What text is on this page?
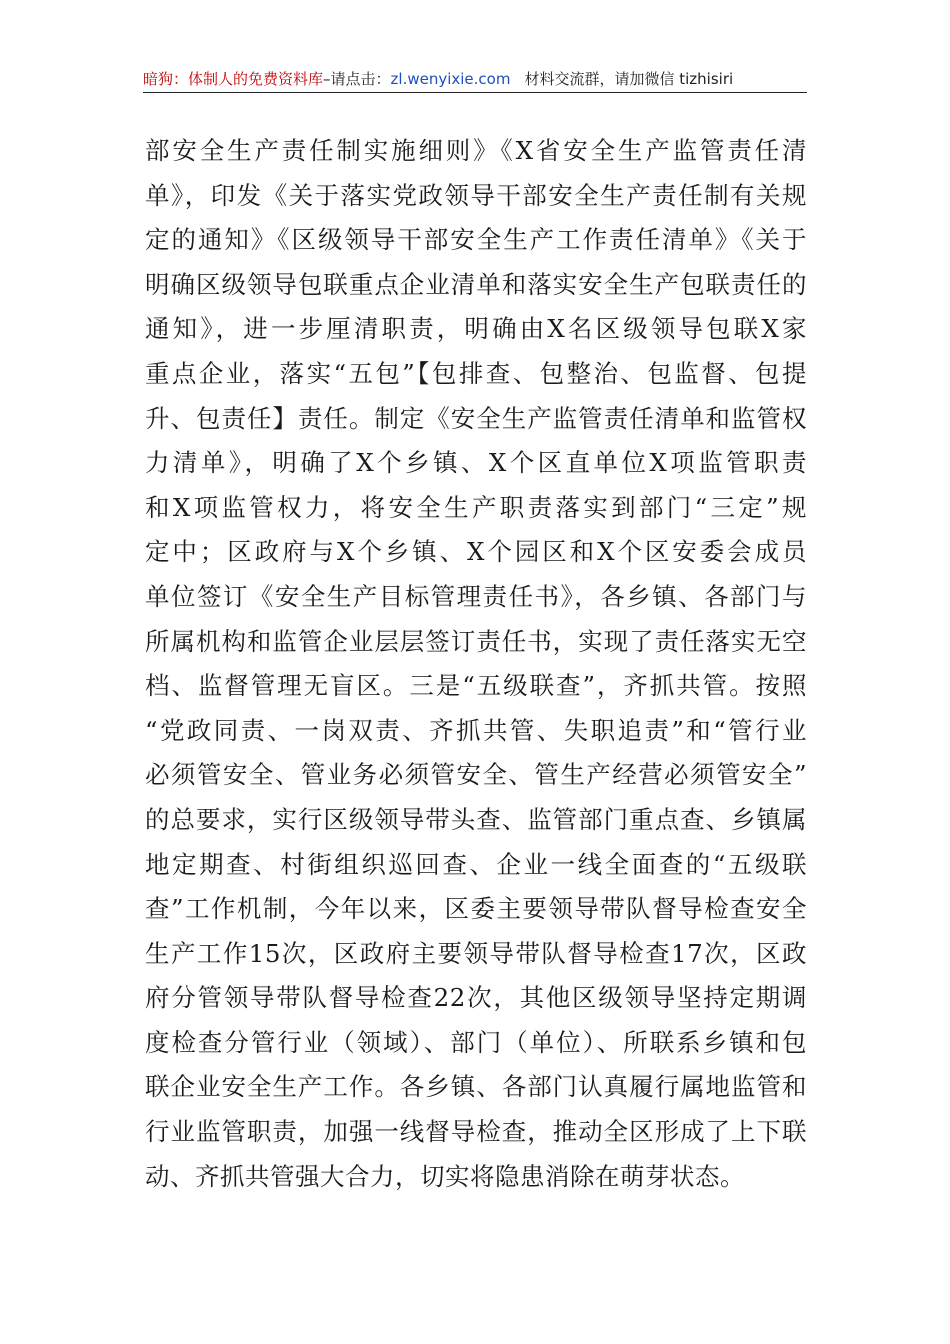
暗狗：体制人的免费资料库–请点击：zl.wenyixie.com 材料交流群，请加微信 tizhisiri
部安全生产责任制实施细则》《X省安全生产监管责任清
单》，印发《关于落实党政领导干部安全生产责任制有关规
定的通知》《区级领导干部安全生产工作责任清单》《关于
明确区级领导包联重点企业清单和落实安全生产包联责任的
通知》，进一步厘清职责，明确由X名区级领导包联X家
重点企业，落实“五包”【包排查、包整治、包监督、包提
升、包责任】责任。制定《安全生产监管责任清单和监管权
力清单》，明确了X个乡镇、X个区直单位X项监管职责
和X项监管权力，将安全生产职责落实到部门“三定”规
定中；区政府与X个乡镇、X个园区和X个区安委会成员
单位签订《安全生产目标管理责任书》，各乡镇、各部门与
所属机构和监管企业层层签订责任书，实现了责任落实无空
档、监督管理无盲区。三是“五级联查”，齐抓共管。按照
“党政同责、一岗双责、齐抓共管、失职追责”和“管行业
必须管安全、管业务必须管安全、管生产经营必须管安全”
的总要求，实行区级领导带头查、监管部门重点查、乡镇属
地定期查、村街组织巡回查、企业一线全面查的“五级联
查”工作机制，今年以来，区委主要领导带队督导检查安全
生产工作15次，区政府主要领导带队督导检查17次，区政
府分管领导带队督导检查22次，其他区级领导坚持定期调
度检查分管行业（领域）、部门（单位）、所联系乡镇和包
联企业安全生产工作。各乡镇、各部门认真履行属地监管和
行业监管职责，加强一线督导检查，推动全区形成了上下联
动、齐抓共管强大合力，切实将隐患消除在萌芽状态。
